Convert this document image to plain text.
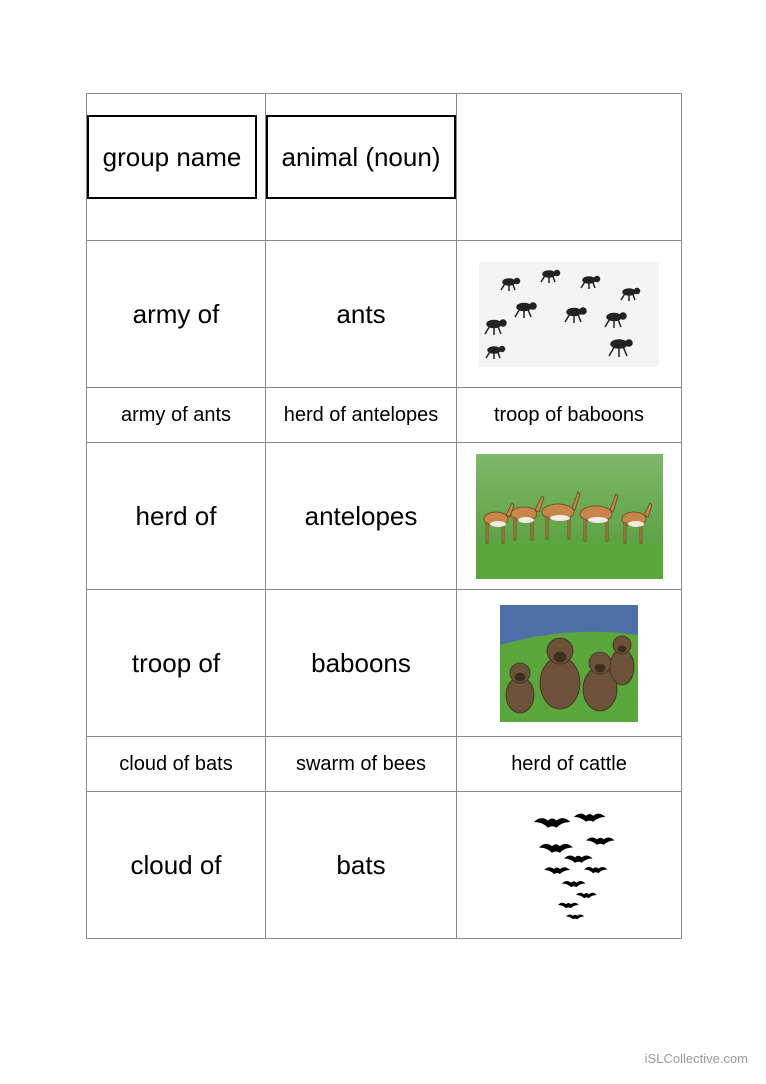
group name	animal (noun)	

army of	ants	

army of ants	herd of antelopes	troop of baboons
herd of	antelopes	

troop of	baboons	

cloud of bats	swarm of bees	herd of cattle
cloud of	bats	
iSLCollective.com
